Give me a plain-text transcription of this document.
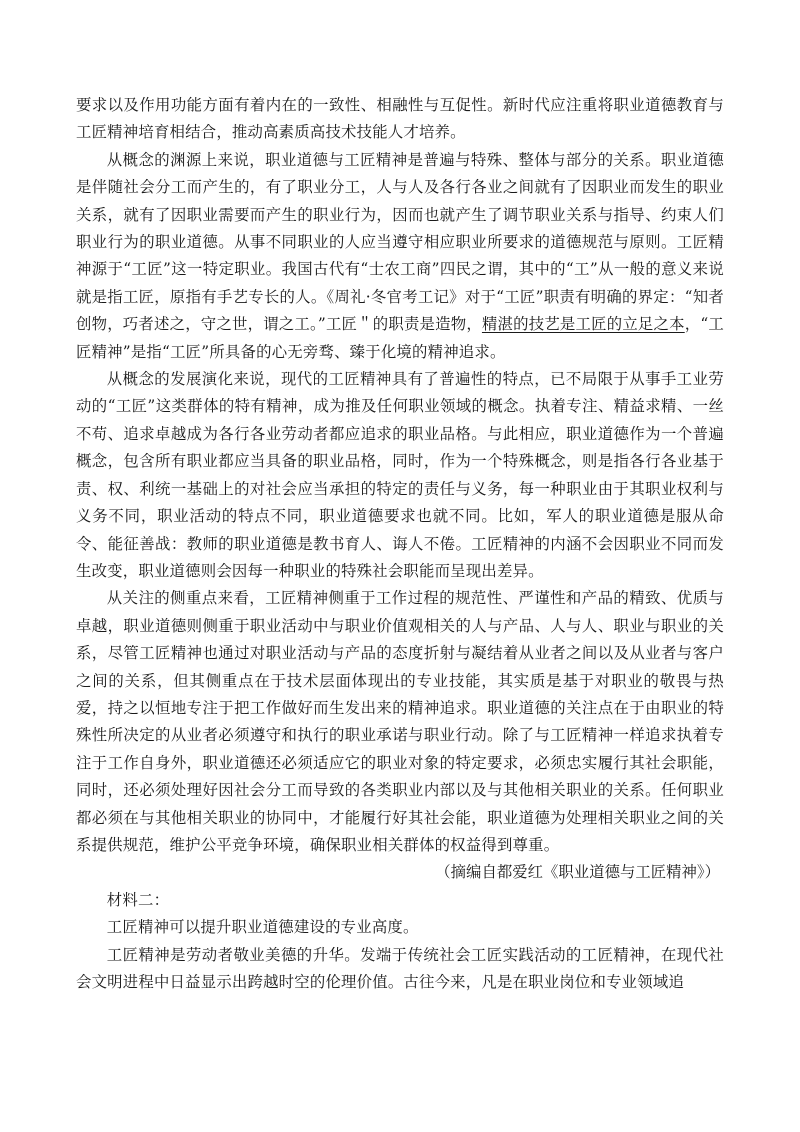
要求以及作用功能方面有着内在的一致性、相融性与互促性。新时代应注重将职业道德教育与工匠精神培育相结合，推动高素质高技术技能人才培养。

从概念的渊源上来说，职业道德与工匠精神是普遍与特殊、整体与部分的关系。职业道德是伴随社会分工而产生的，有了职业分工，人与人及各行各业之间就有了因职业而发生的职业关系，就有了因职业需要而产生的职业行为，因而也就产生了调节职业关系与指导、约束人们职业行为的职业道德。从事不同职业的人应当遵守相应职业所要求的道德规范与原则。工匠精神源于“工匠”这一特定职业。我国古代有“士农工商”四民之谓，其中的“工”从一般的意义来说就是指工匠，原指有手艺专长的人。《周礼·冬官考工记》对于“工匠”职责有明确的界定：“知者创物，巧者述之，守之世，谓之工。”工匠＂的职责是造物，精湛的技艺是工匠的立足之本，“工匠精神”是指“工匠”所具备的心无旁骛、臻于化境的精神追求。

从概念的发展演化来说，现代的工匠精神具有了普遍性的特点，已不局限于从事手工业劳动的“工匠”这类群体的特有精神，成为推及任何职业领域的概念。执着专注、精益求精、一丝不苟、追求卓越成为各行各业劳动者都应追求的职业品格。与此相应，职业道德作为一个普遍概念，包含所有职业都应当具备的职业品格，同时，作为一个特殊概念，则是指各行各业基于责、权、利统一基础上的对社会应当承担的特定的责任与义务，每一种职业由于其职业权利与义务不同，职业活动的特点不同，职业道德要求也就不同。比如，军人的职业道德是服从命令、能征善战：教师的职业道德是教书育人、诲人不倦。工匠精神的内涵不会因职业不同而发生改变，职业道德则会因每一种职业的特殊社会职能而呈现出差异。

从关注的侧重点来看，工匠精神侧重于工作过程的规范性、严谨性和产品的精致、优质与卓越，职业道德则侧重于职业活动中与职业价值观相关的人与产品、人与人、职业与职业的关系，尽管工匠精神也通过对职业活动与产品的态度折射与凝结着从业者之间以及从业者与客户之间的关系，但其侧重点在于技术层面体现出的专业技能，其实质是基于对职业的敬畏与热爱，持之以恒地专注于把工作做好而生发出来的精神追求。职业道德的关注点在于由职业的特殊性所决定的从业者必须遵守和执行的职业承诺与职业行动。除了与工匠精神一样追求执着专注于工作自身外，职业道德还必须适应它的职业对象的特定要求，必须忠实履行其社会职能，同时，还必须处理好因社会分工而导致的各类职业内部以及与其他相关职业的关系。任何职业都必须在与其他相关职业的协同中，才能履行好其社会能，职业道德为处理相关职业之间的关系提供规范，维护公平竞争环境，确保职业相关群体的权益得到尊重。

（摘编自都爱红《职业道德与工匠精神》）

材料二：

工匠精神可以提升职业道德建设的专业高度。

工匠精神是劳动者敬业美德的升华。发端于传统社会工匠实践活动的工匠精神，在现代社会文明进程中日益显示出跨越时空的伦理价值。古往今来，凡是在职业岗位和专业领域追
